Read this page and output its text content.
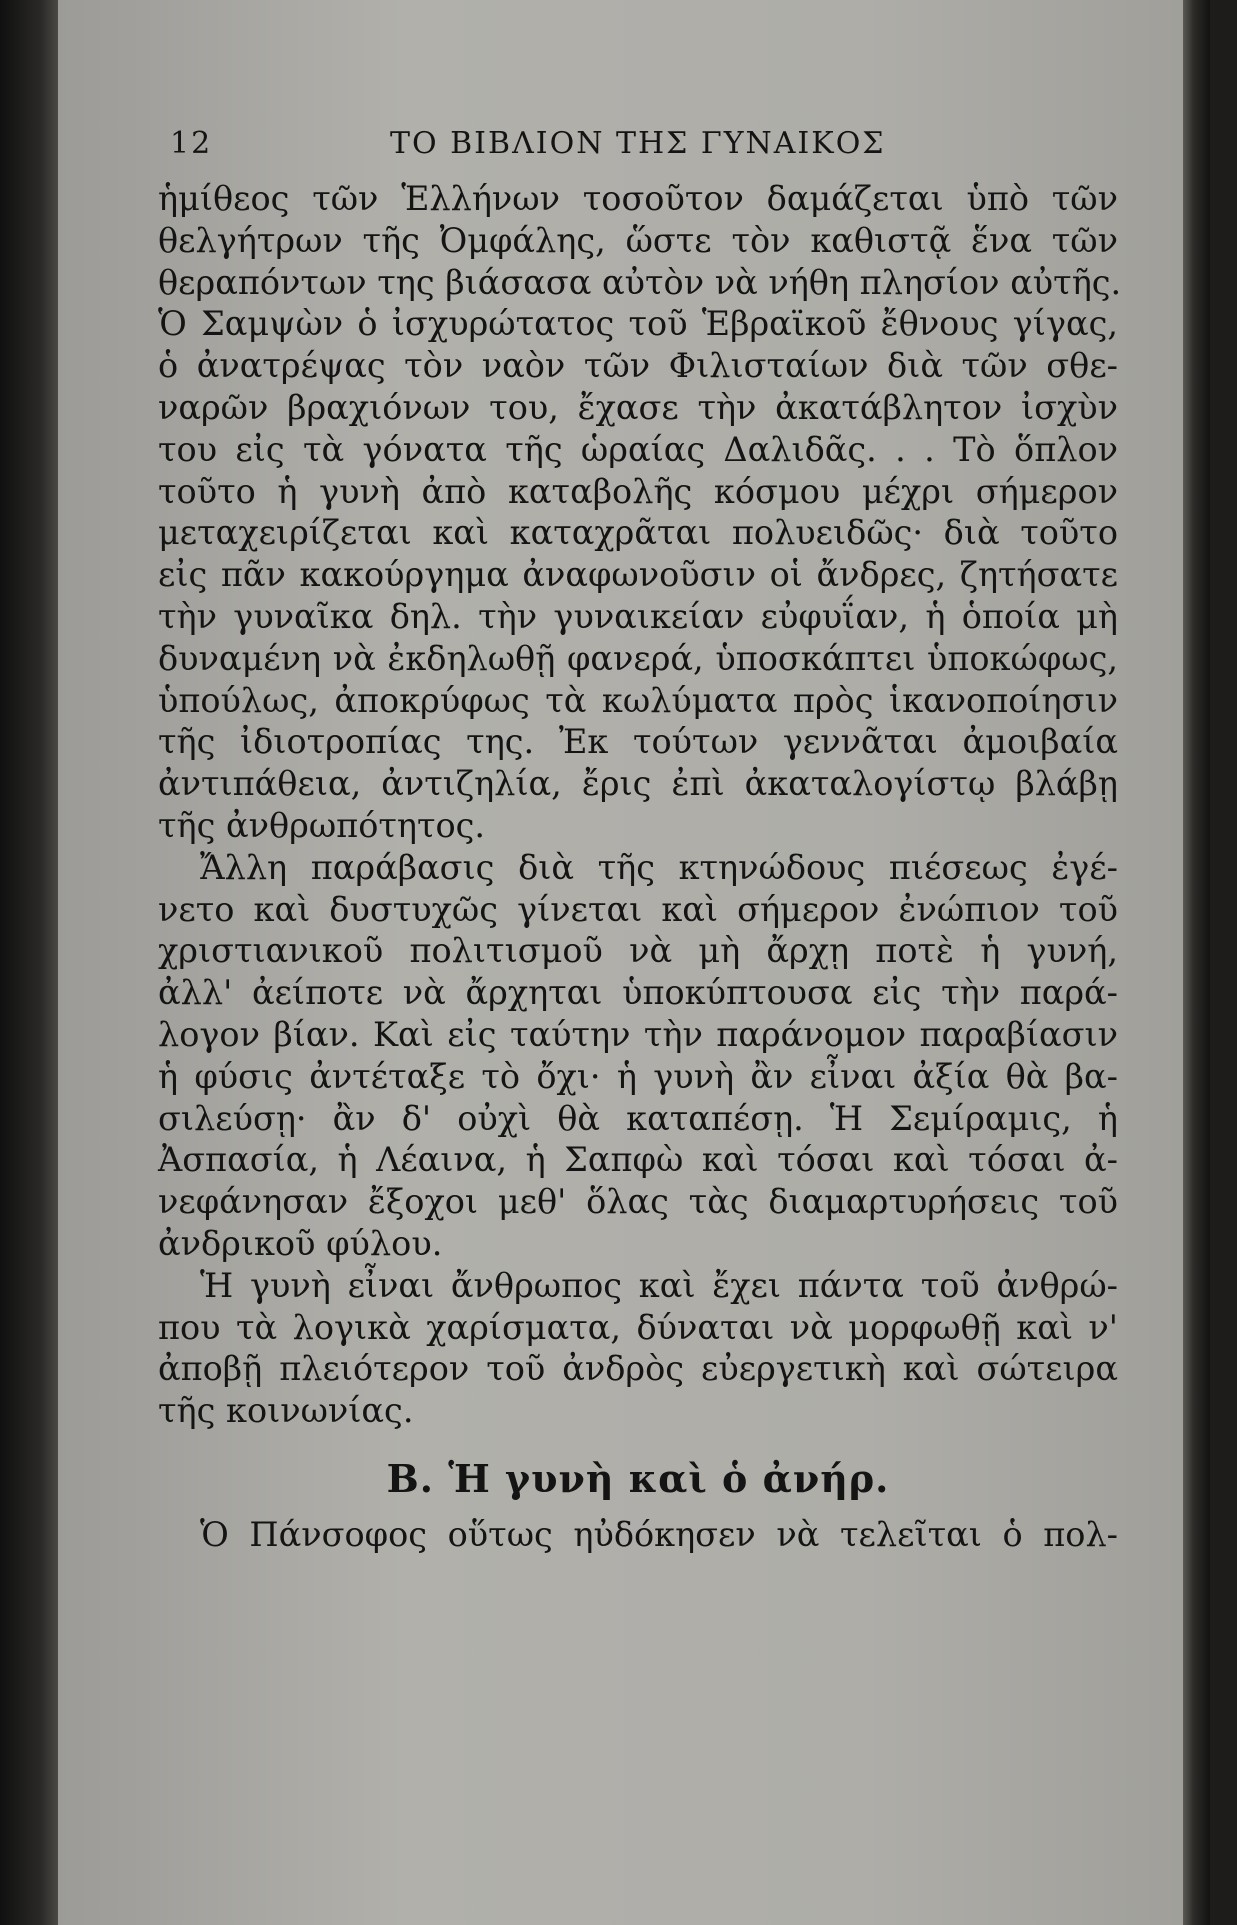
12	ΤΟ ΒΙΒΛΙΟΝ ΤΗΣ ΓΥΝΑΙΚΟΣ
ἡμίθεος τῶν Ἑλλήνων τοσοῦτον δαμάζεται ὑπὸ τῶν
θελγήτρων τῆς Ὀμφάλης, ὥστε τὸν καθιστᾷ ἕνα τῶν
θεραπόντων της βιάσασα αὐτὸν νὰ νήθη πλησίον αὐτῆς.
Ὁ Σαμψὼν ὁ ἰσχυρώτατος τοῦ Ἑβραϊκοῦ ἔθνους γίγας,
ὁ ἀνατρέψας τὸν ναὸν τῶν Φιλισταίων διὰ τῶν σθε-
ναρῶν βραχιόνων του, ἔχασε τὴν ἀκατάβλητον ἰσχὺν
του εἰς τὰ γόνατα τῆς ὡραίας Δαλιδᾶς. . . Τὸ ὅπλον
τοῦτο ἡ γυνὴ ἀπὸ καταβολῆς κόσμου μέχρι σήμερον
μεταχειρίζεται καὶ καταχρᾶται πολυειδῶς· διὰ τοῦτο
εἰς πᾶν κακούργημα ἀναφωνοῦσιν οἱ ἄνδρες, ζητήσατε
τὴν γυναῖκα δηλ. τὴν γυναικείαν εὐφυΐαν, ἡ ὁποία μὴ
δυναμένη νὰ ἐκδηλωθῇ φανερά, ὑποσκάπτει ὑποκώφως,
ὑπούλως, ἀποκρύφως τὰ κωλύματα πρὸς ἱκανοποίησιν
τῆς ἰδιοτροπίας της. Ἐκ τούτων γεννᾶται ἀμοιβαία
ἀντιπάθεια, ἀντιζηλία, ἔρις ἐπὶ ἀκαταλογίστῳ βλάβῃ
τῆς ἀνθρωπότητος.
Ἄλλη παράβασις διὰ τῆς κτηνώδους πιέσεως ἐγέ-
νετο καὶ δυστυχῶς γίνεται καὶ σήμερον ἐνώπιον τοῦ
χριστιανικοῦ πολιτισμοῦ νὰ μὴ ἄρχῃ ποτὲ ἡ γυνή,
ἀλλ' ἀείποτε νὰ ἄρχηται ὑποκύπτουσα εἰς τὴν παρά-
λογον βίαν. Καὶ εἰς ταύτην τὴν παράνομον παραβίασιν
ἡ φύσις ἀντέταξε τὸ ὄχι· ἡ γυνὴ ἂν εἶναι ἀξία θὰ βα-
σιλεύσῃ· ἂν δ' οὐχὶ θὰ καταπέσῃ. Ἡ Σεμίραμις, ἡ
Ἀσπασία, ἡ Λέαινα, ἡ Σαπφὼ καὶ τόσαι καὶ τόσαι ἀ-
νεφάνησαν ἔξοχοι μεθ' ὅλας τὰς διαμαρτυρήσεις τοῦ
ἀνδρικοῦ φύλου.
Ἡ γυνὴ εἶναι ἄνθρωπος καὶ ἔχει πάντα τοῦ ἀνθρώ-
που τὰ λογικὰ χαρίσματα, δύναται νὰ μορφωθῇ καὶ ν'
ἀποβῇ πλειότερον τοῦ ἀνδρὸς εὐεργετικὴ καὶ σώτειρα
τῆς κοινωνίας.
Β. Ἡ γυνὴ καὶ ὁ ἀνήρ.
Ὁ Πάνσοφος οὕτως ηὐδόκησεν νὰ τελεῖται ὁ πολ-
